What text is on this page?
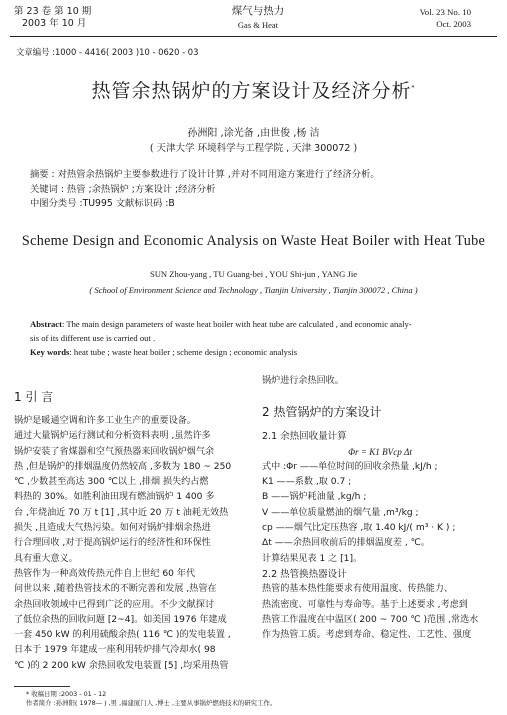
第 23 卷 第 10 期
2003 年 10 月
煤气与热力
Gas & Heat
Vol. 23 No. 10
Oct. 2003
文章编号 :1000 - 4416( 2003 )10 - 0620 - 03
热管余热锅炉的方案设计及经济分析*
孙洲阳 ,涂光备 ,由世俊 ,杨 洁
( 天津大学 环境科学与工程学院 , 天津 300072 )
摘要 : 对热管余热锅炉主要参数进行了设计计算 ,并对不同用途方案进行了经济分析。
关键词 : 热管 ;余热锅炉 ;方案设计 ;经济分析
中图分类号 :TU995 文献标识码 :B
Scheme Design and Economic Analysis on Waste Heat Boiler with Heat Tube
SUN Zhou-yang , TU Guang-bei , YOU Shi-jun , YANG Jie
( School of Environment Science and Technology , Tianjin University , Tianjin 300072 , China )
Abstract: The main design parameters of waste heat boiler with heat tube are calculated , and economic analy-
sis of its different use is carried out .
Key words: heat tube ; waste heat boiler ; scheme design ; economic analysis
1 引 言
锅炉是暖通空调和许多工业生产的重要设备。
通过大量锅炉运行测试和分析资料表明 ,虽然许多
锅炉安装了省煤器和空气预热器来回收锅炉烟气余
热 ,但是锅炉的排烟温度仍然较高 ,多数为 180 ~ 250
℃ ,少数甚至高达 300 ℃以上 ,排烟 损失约占燃
料热的 30%。如胜利油田现有燃油锅炉 1 400 多
台 ,年烧油近 70 万 t [1] ,其中近 20 万 t 油耗无效热
损失 ,且造成大气热污染。如何对锅炉排烟余热进
行合理回收 ,对于提高锅炉运行的经济性和环保性
具有重大意义。
热管作为一种高效传热元件自上世纪 60 年代
问世以来 ,随着热管技术的不断完善和发展 ,热管在
余热回收领域中已得到广泛的应用。不少文献探讨
了低位余热的回收问题 [2~4]。如美国 1976 年建成
一套 450 kW 的利用硫酸余热( 116 ℃ )的发电装置 ,
日本于 1979 年建成一座利用转炉排气冷却水( 98
℃ )的 2 200 kW 余热回收发电装置 [5] ,均采用热管
锅炉进行余热回收。
2 热管锅炉的方案设计
2.1 余热回收量计算
Φr = K1 BVcp Δt
式中 :Φr ——单位时间的回收余热量 ,kJ/h ;
K1 ——系数 ,取 0.7 ;
B ——锅炉耗油量 ,kg/h ;
V ——单位质量燃油的烟气量 ,m³/kg ;
cp ——烟气比定压热容 ,取 1.40 kJ/( m³ · K ) ;
Δt ——余热回收前后的排烟温度差 , ℃。
计算结果见表 1 之 [1]。
2.2 热管换热器设计
热管的基本热性能要求有使用温度、传热能力、
热流密度、可靠性与寿命等。基于上述要求 ,考虑到
热管工作温度在中温区( 200 ~ 700 ℃ )范围 ,常选水
作为热管工质。考虑到寿命、稳定性、工艺性、强度
* 收稿日期 :2003 - 01 - 12
作者简介 :孙洲阳( 1978— ) ,男 ,福建厦门人 ,博士 ,主要从事锅炉燃烧技术的研究工作。
